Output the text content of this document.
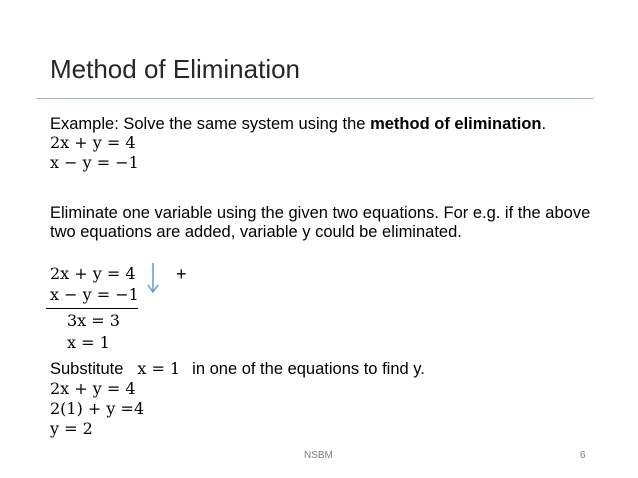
Method of Elimination
Example: Solve the same system using the method of elimination.
2x + y = 4
x − y = −1
Eliminate one variable using the given two equations. For e.g. if the above
two equations are added, variable y could be eliminated.
2x + y = 4
x − y = −1
+
3x = 3
x = 1
Substitute x = 1 in one of the equations to find y.
2x + y = 4
2(1) + y =4
y = 2
NSBM	6
